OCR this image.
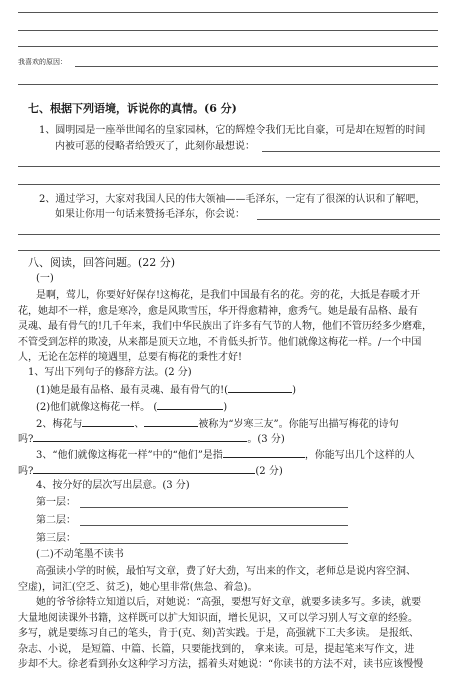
我喜欢的原因：
七、根据下列语境，诉说你的真情。(6 分)
1、圆明园是一座举世闻名的皇家园林，它的辉煌令我们无比自豪，可是却在短暂的时间
内被可恶的侵略者给毁灭了，此刻你最想说：
2、通过学习，大家对我国人民的伟大领袖——毛泽东，一定有了很深的认识和了解吧，
如果让你用一句话来赞扬毛泽东，你会说：
八、阅读，回答问题。(22 分)
(一)
是啊，莺儿，你要好好保存!这梅花，是我们中国最有名的花。旁的花，大抵是春暖才开
花，她却不一样，愈是寒冷，愈是风欺雪压，华开得愈精神，愈秀气。她是最有品格、最有
灵魂、最有骨气的!几千年来，我们中华民族出了许多有气节的人物，他们不管历经多少磨难，
不管受到怎样的欺凌，从来都是顶天立地，不肯低头折节。他们就像这梅花一样。/一个中国
人，无论在怎样的境遇里，总要有梅花的秉性才好!
1、写出下列句子的修辞方法。(2 分)
(1)她是最有品格、最有灵魂、最有骨气的!(	)
(2)他们就像这梅花一样。 (	)
2、梅花与	、	被称为“岁寒三友”。你能写出描写梅花的诗句
吗?	。(3 分)
3、“他们就像这梅花一样”中的“他们”是指	，你能写出几个这样的人
吗?	(2 分)
4、按分好的层次写出层意。(3 分)
第一层：
第二层：
第三层：
(二)不动笔墨不读书
高强读小学的时候，最怕写文章，费了好大劲，写出来的作文，老师总是说内容空洞、
空虚)，词汇(空乏、贫乏)，她心里非常(焦急、着急)。
她的爷爷徐特立知道以后，对她说：“高强，要想写好文章，就要多读多写。多读，就要
大量地阅读课外书籍，这样既可以扩大知识面，增长见识，又可以学习别人写文章的经验。
多写，就是要练习自己的笔头，肯于(克、刻)苦实践。于是，高强就下工夫多读。 是报纸、
杂志、小说， 是短篇、中篇、长篇，只要能找到的， 拿来读。可是，提起笔来写作文，进
步却不大。徐老看到孙女这种学习方法，摇着头对她说：“你读书的方法不对，读书应该慢慢
